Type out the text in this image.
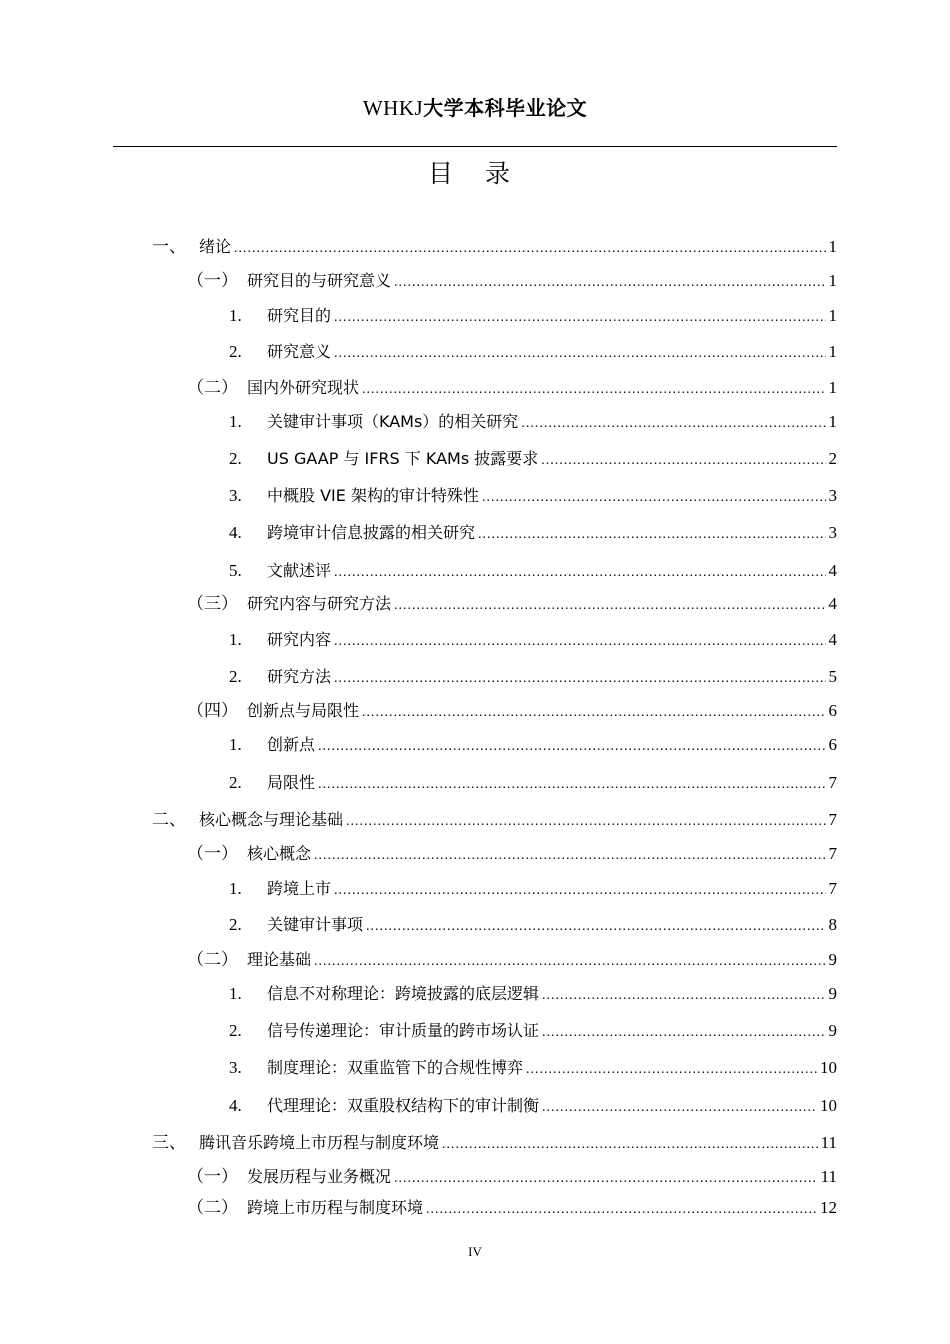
WHKJ大学本科毕业论文
目 录
一、 绪论 .....	1
（一） 研究目的与研究意义 .....	1
1. 研究目的 .....	1
2. 研究意义 .....	1
（二） 国内外研究现状 .....	1
1. 关键审计事项（KAMs）的相关研究 .....	1
2. US GAAP 与 IFRS 下 KAMs 披露要求 .....	2
3. 中概股 VIE 架构的审计特殊性 .....	3
4. 跨境审计信息披露的相关研究 .....	3
5. 文献述评 .....	4
（三） 研究内容与研究方法 .....	4
1. 研究内容 .....	4
2. 研究方法 .....	5
（四） 创新点与局限性 .....	6
1. 创新点 .....	6
2. 局限性 .....	7
二、 核心概念与理论基础 .....	7
（一） 核心概念 .....	7
1. 跨境上市 .....	7
2. 关键审计事项 .....	8
（二） 理论基础 .....	9
1. 信息不对称理论：跨境披露的底层逻辑 .....	9
2. 信号传递理论：审计质量的跨市场认证 .....	9
3. 制度理论：双重监管下的合规性博弈 .....	10
4. 代理理论：双重股权结构下的审计制衡 .....	10
三、 腾讯音乐跨境上市历程与制度环境 .....	11
（一） 发展历程与业务概况 .....	11
（二） 跨境上市历程与制度环境 .....	12
IV
